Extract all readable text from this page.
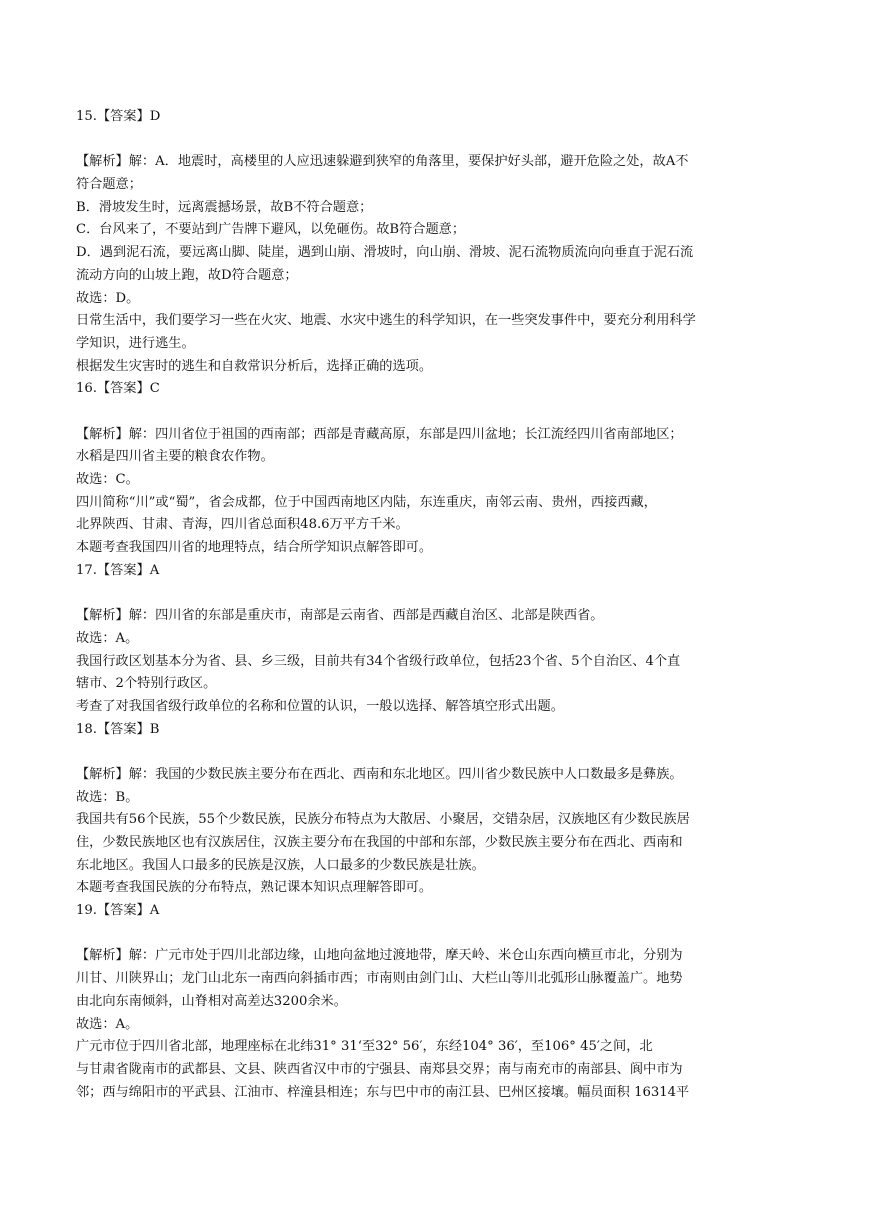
15.【答案】D
【解析】解：A．地震时，高楼里的人应迅速躲避到狭窄的角落里，要保护好头部，避开危险之处，故A不
符合题意；
B．滑坡发生时，远离震撼场景，故B不符合题意；
C．台风来了，不要站到广告牌下避风，以免砸伤。故B符合题意；
D．遇到泥石流，要远离山脚、陡崖，遇到山崩、滑坡时，向山崩、滑坡、泥石流物质流向向垂直于泥石流
流动方向的山坡上跑，故D符合题意；
故选：D。
日常生活中，我们要学习一些在火灾、地震、水灾中逃生的科学知识，在一些突发事件中，要充分利用科学
学知识，进行逃生。
根据发生灾害时的逃生和自救常识分析后，选择正确的选项。
16.【答案】C
【解析】解：四川省位于祖国的西南部；西部是青藏高原，东部是四川盆地；长江流经四川省南部地区；
水稻是四川省主要的粮食农作物。
故选：C。
四川简称“川”或“蜀”，省会成都，位于中国西南地区内陆，东连重庆，南邻云南、贵州，西接西藏，
北界陕西、甘肃、青海，四川省总面积48.6万平方千米。
本题考查我国四川省的地理特点，结合所学知识点解答即可。
17.【答案】A
【解析】解：四川省的东部是重庆市，南部是云南省、西部是西藏自治区、北部是陕西省。
故选：A。
我国行政区划基本分为省、县、乡三级，目前共有34个省级行政单位，包括23个省、5个自治区、4个直
辖市、2个特别行政区。
考查了对我国省级行政单位的名称和位置的认识，一般以选择、解答填空形式出题。
18.【答案】B
【解析】解：我国的少数民族主要分布在西北、西南和东北地区。四川省少数民族中人口数最多是彝族。
故选：B。
我国共有56个民族，55个少数民族，民族分布特点为大散居、小聚居，交错杂居，汉族地区有少数民族居
住，少数民族地区也有汉族居住，汉族主要分布在我国的中部和东部，少数民族主要分布在西北、西南和
东北地区。我国人口最多的民族是汉族，人口最多的少数民族是壮族。
本题考查我国民族的分布特点，熟记课本知识点理解答即可。
19.【答案】A
【解析】解：广元市处于四川北部边缘，山地向盆地过渡地带，摩天岭、米仓山东西向横亘市北，分别为
川甘、川陕界山；龙门山北东一南西向斜插市西；市南则由剑门山、大栏山等川北弧形山脉覆盖广。地势
由北向东南倾斜，山脊相对高差达3200余米。
故选：A。
广元市位于四川省北部，地理座标在北纬31° 31‘至32° 56′，东经104° 36′，至106° 45′之间，北
与甘肃省陇南市的武都县、文县、陕西省汉中市的宁强县、南郑县交界；南与南充市的南部县、阆中市为
邻；西与绵阳市的平武县、江油市、梓潼县相连；东与巴中市的南江县、巴州区接壤。幅员面积 16314平
